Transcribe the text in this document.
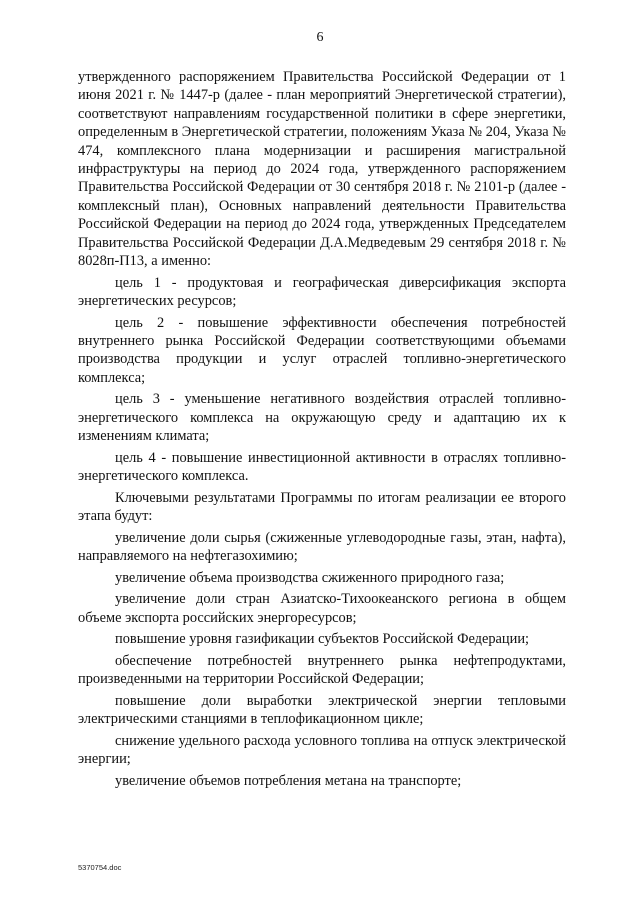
6

утвержденного распоряжением Правительства Российской Федерации от 1 июня 2021 г. № 1447-р (далее - план мероприятий Энергетической стратегии), соответствуют направлениям государственной политики в сфере энергетики, определенным в Энергетической стратегии, положениям Указа № 204, Указа № 474, комплексного плана модернизации и расширения магистральной инфраструктуры на период до 2024 года, утвержденного распоряжением Правительства Российской Федерации от 30 сентября 2018 г. № 2101-р (далее - комплексный план), Основных направлений деятельности Правительства Российской Федерации на период до 2024 года, утвержденных Председателем Правительства Российской Федерации Д.А.Медведевым 29 сентября 2018 г. № 8028п-П13, а именно:

цель 1 - продуктовая и географическая диверсификация экспорта энергетических ресурсов;

цель 2 - повышение эффективности обеспечения потребностей внутреннего рынка Российской Федерации соответствующими объемами производства продукции и услуг отраслей топливно-энергетического комплекса;

цель 3 - уменьшение негативного воздействия отраслей топливно-энергетического комплекса на окружающую среду и адаптацию их к изменениям климата;

цель 4 - повышение инвестиционной активности в отраслях топливно-энергетического комплекса.

Ключевыми результатами Программы по итогам реализации ее второго этапа будут:

увеличение доли сырья (сжиженные углеводородные газы, этан, нафта), направляемого на нефтегазохимию;

увеличение объема производства сжиженного природного газа;

увеличение доли стран Азиатско-Тихоокеанского региона в общем объеме экспорта российских энергоресурсов;

повышение уровня газификации субъектов Российской Федерации;

обеспечение потребностей внутреннего рынка нефтепродуктами, произведенными на территории Российской Федерации;

повышение доли выработки электрической энергии тепловыми электрическими станциями в теплофикационном цикле;

снижение удельного расхода условного топлива на отпуск электрической энергии;

увеличение объемов потребления метана на транспорте;

5370754.doc
